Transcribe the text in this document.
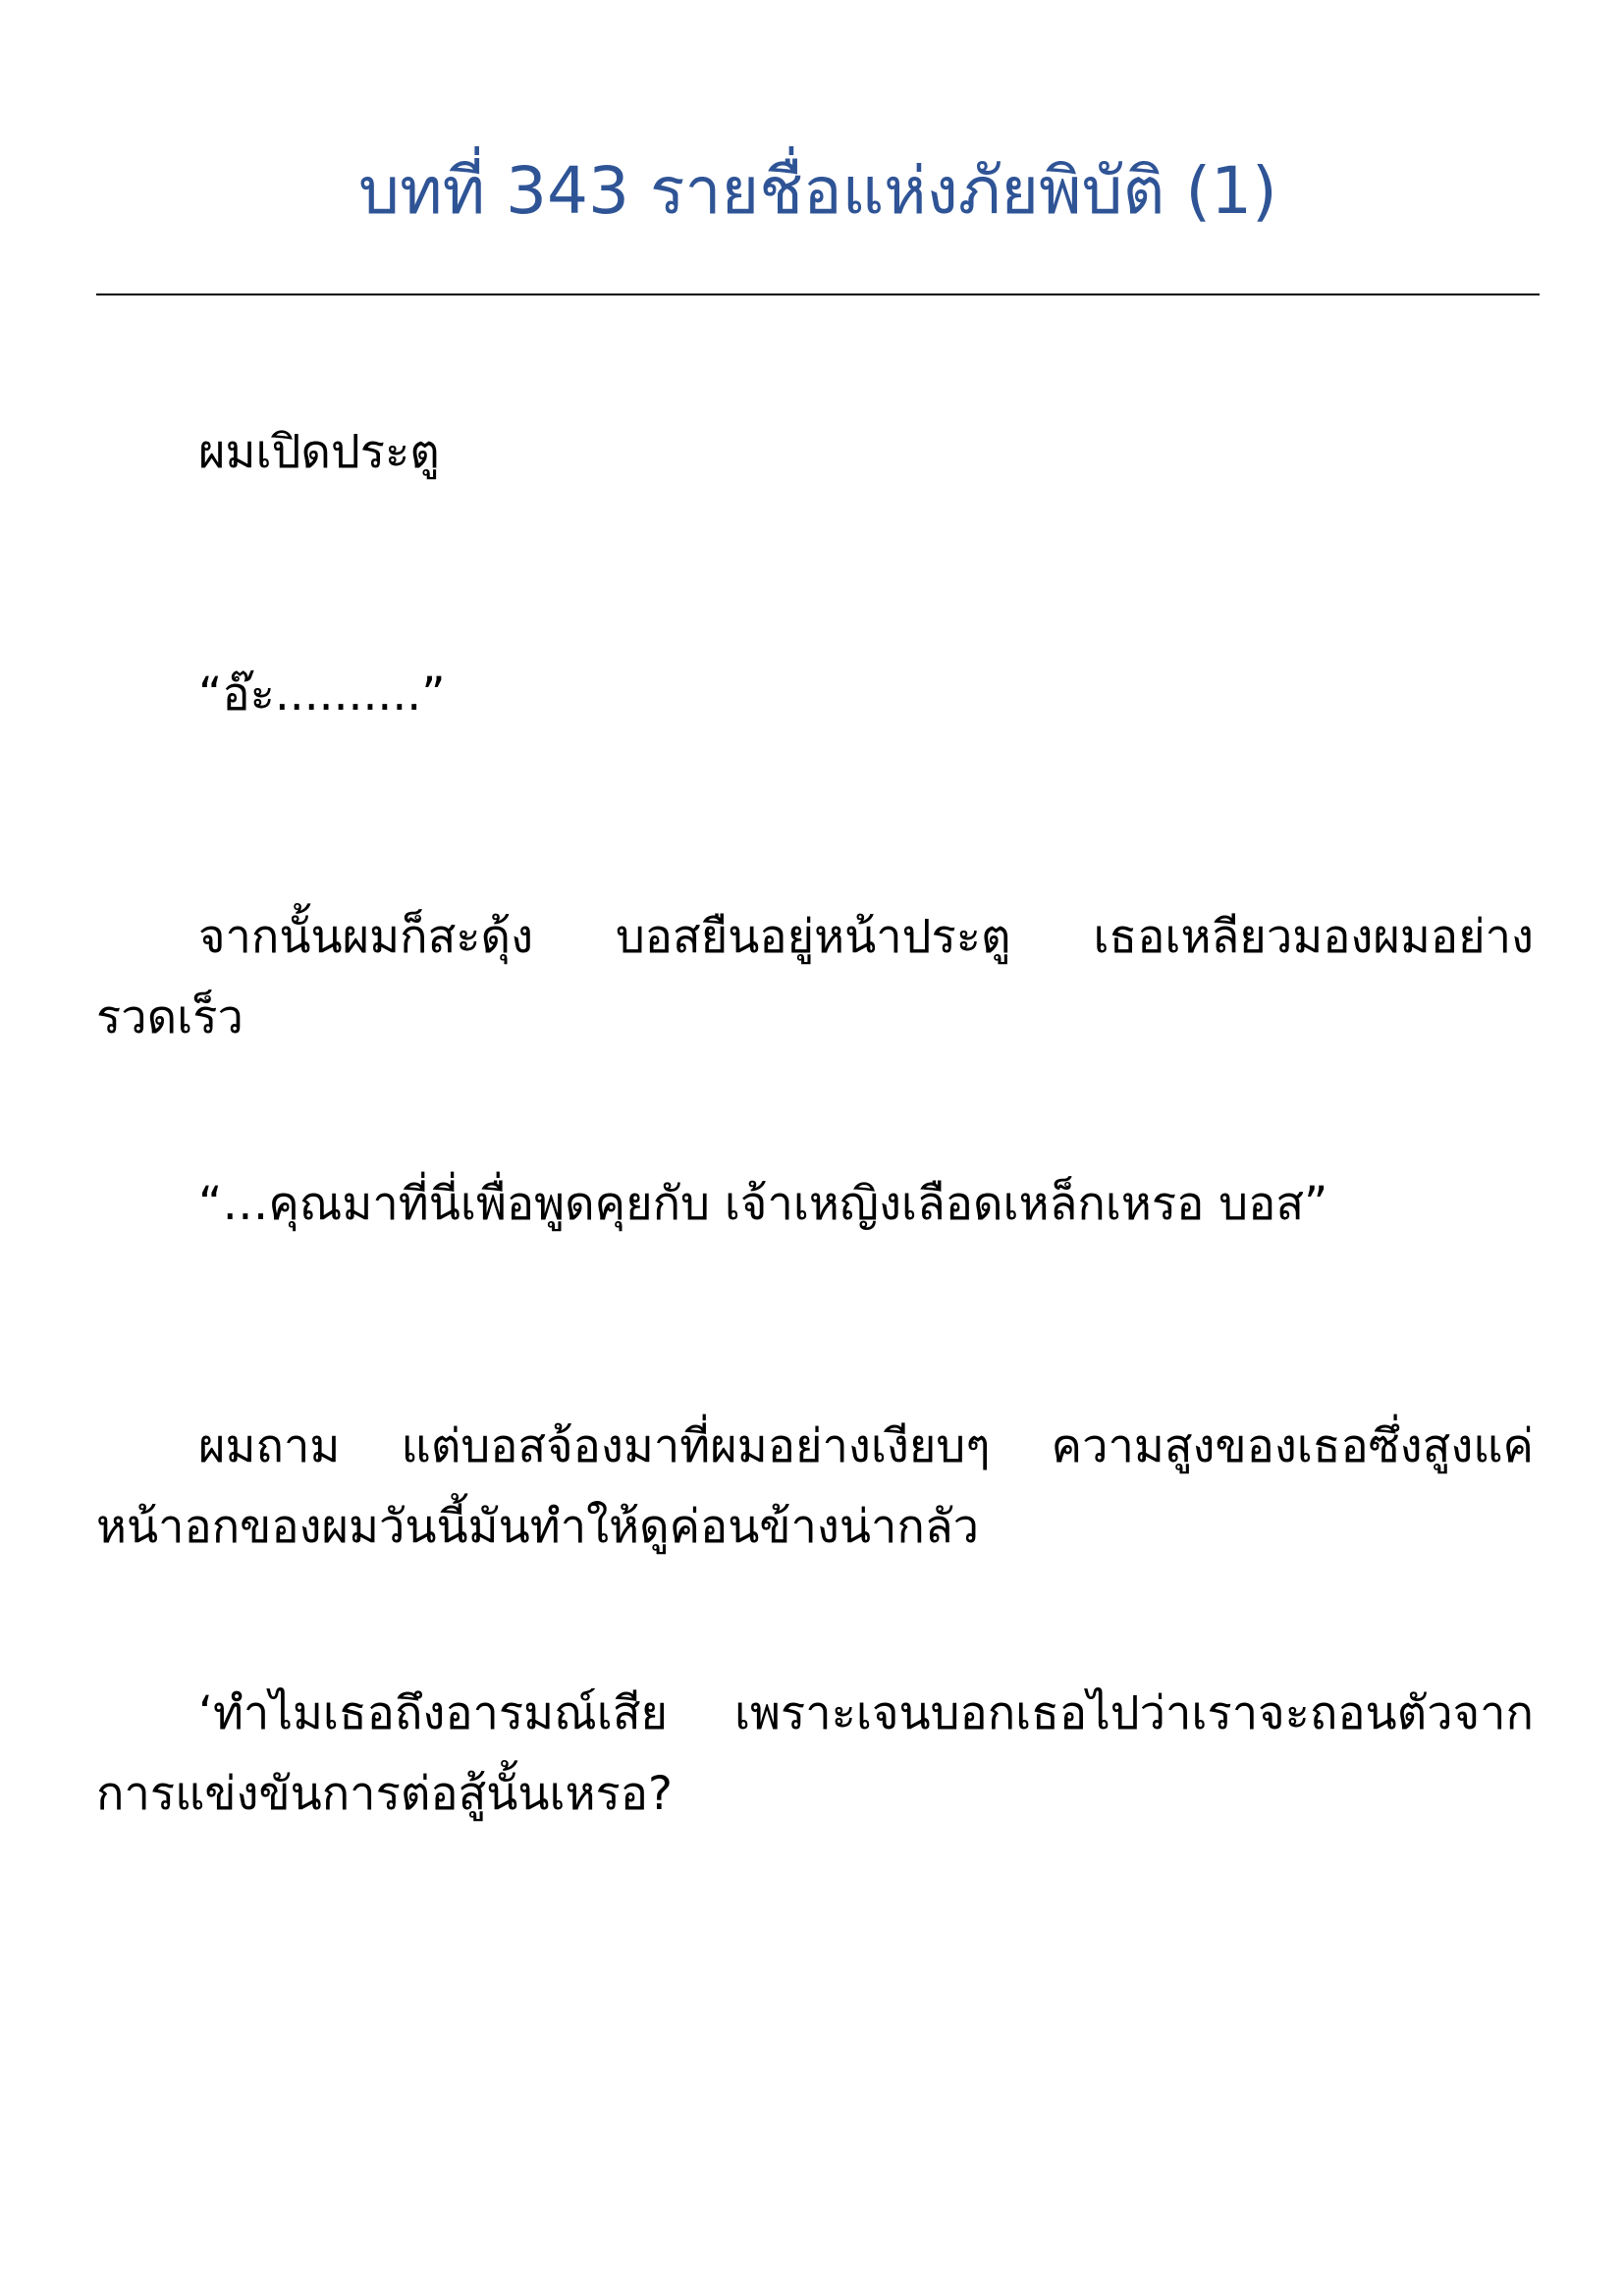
บทที่ 343 รายชื่อแห่งภัยพิบัติ (1)

ผมเปิดประตู

“อ๊ะ..........”

จากนั้นผมก็สะดุ้ง บอสยืนอยู่หน้าประตู เธอเหลียวมองผมอย่างรวดเร็ว

“…คุณมาที่นี่เพื่อพูดคุยกับ เจ้าเหญิงเลือดเหล็กเหรอ บอส”

ผมถาม แต่บอสจ้องมาที่ผมอย่างเงียบๆ ความสูงของเธอซึ่งสูงแค่หน้าอกของผมวันนี้มันทำให้ดูค่อนข้างน่ากลัว

‘ทำไมเธอถึงอารมณ์เสีย เพราะเจนบอกเธอไปว่าเราจะถอนตัวจากการแข่งขันการต่อสู้นั้นเหรอ?
